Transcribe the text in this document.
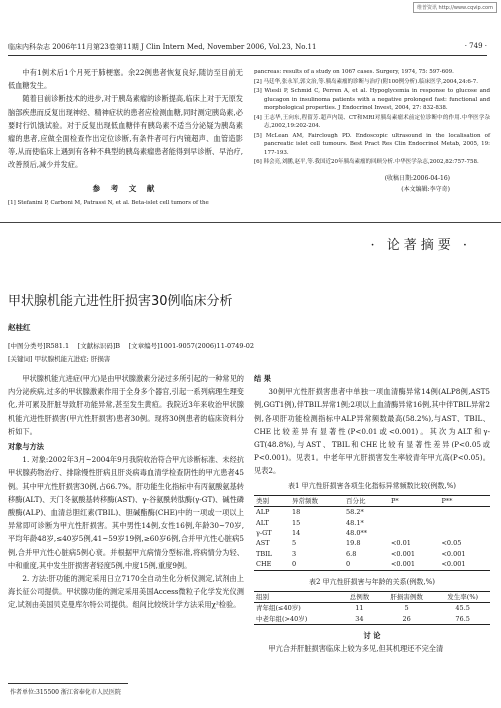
维普资讯 http://www.cqvip.com
临床内科杂志 2006年11月第23卷第11期 J Clin Intern Med, November 2006, Vol.23, No.11	· 749 ·

中有1例术后1个月死于肺梗塞。余22例患者恢复良好,随访至目前无低血糖发生。

随着目前诊断技术的进步,对于胰岛素瘤的诊断提高,临床上对于无原发脑部疾患而反复出现神经、精神症状的患者应检测血糖,同时测定胰岛素,必要时行饥饿试验。对于反复出现低血糖伴有胰岛素不适当分泌疑为胰岛素瘤的患者,应做全面检查作出定位诊断,有条件者可行内镜超声、血管造影等,从而使临床上遇到有各种不典型的胰岛素瘤患者能得到早诊断、早治疗,改善预后,减少并发症。

参 考 文 献
[1] Stefanini P, Carboni M, Patrassi N, et al. Beta-islet cell tumors of the
pancreas: results of a study on 1067 cases. Surgery, 1974, 75: 597-609.
[2] 马廷华,张永军,郭文治,等.胰岛素瘤的诊断与治疗(附100例分析).临床医学,2004,24:6-7.
[3] Wiesli P, Schmid C, Perren A, et al. Hypoglycemia in response to glucose and glucagon in insulinoma patients with a negative prolonged fast: functional and morphological properties. J Endocrinol Invest, 2004, 27: 832-838.
[4] 王志华,王向东,程留芳.超声内镜、CT和MRI对胰岛素瘤术前定位诊断中的作用.中华医学杂志,2002,19:202-204.
[5] McLean AM, Fairclough PD. Endoscopic ultrasound in the localisation of pancreatic islet cell tumours. Best Pract Res Clin Endocrinol Metab, 2005, 19: 177-193.
[6] 韩会亮,刘鹏,赵平,等.我国近20年胰岛素瘤的回顾分析.中华医学杂志,2002,82:757-758.
(收稿日期:2006-04-16)
(本文编辑:李守奇)
· 论著摘要 ·
甲状腺机能亢进性肝损害30例临床分析
赵桂红
[中图分类号]R581.1  [文献标识码]B  [文章编号]1001-9057(2006)11-0749-02
[关键词] 甲状腺机能亢进症; 肝损害

甲状腺机能亢进症(甲亢)是由甲状腺激素分泌过多所引起的一种常见的内分泌疾病,过多的甲状腺激素作用于全身多个器官,引起一系列病理生理变化,并可累及肝脏导致肝功能异常,甚至发生黄疸。我院近3年来收治甲状腺机能亢进性肝损害(甲亢性肝损害)患者30例。现将30例患者的临床资料分析如下。

对象与方法

1. 对象:2002年3月~2004年9月我院收治符合甲亢诊断标准、未经抗甲状腺药物治疗、排除慢性肝病且肝炎病毒血清学检查阴性的甲亢患者45例。其中甲亢性肝损害30例,占66.7%。肝功能生化指标中有丙氨酸氨基转移酶(ALT)、天门冬氨酸基转移酶(AST)、γ-谷氨酰转肽酶(γ-GT)、碱性磷酸酶(ALP)、血清总胆红素(TBIL)、胆碱酯酶(CHE)中的一项或一项以上异常即可诊断为甲亢性肝损害。其中男性14例,女性16例,年龄30~70岁,平均年龄48岁,≤40岁5例,41~59岁19例,≥60岁6例,合并甲亢性心脏病5例,合并甲亢性心脏病5例心衰。并根据甲亢病情分型标准,将病情分为轻、中和重度,其中发生肝损害者轻度5例,中度15例,重度9例。

2. 方法:肝功能的测定采用日立7170全自动生化分析仪测定,试剂由上海长征公司提供。甲状腺功能的测定采用美国Access微粒子化学发光仪测定,试剂由美国贝克曼库尔特公司提供。组间比较统计学方法采用χ²检验。

结 果

30例甲亢性肝损害患者中单独一项血清酶异常14例(ALP8例,AST5例,GGT1例),伴TBIL异常1例;2项以上血清酶异常16例,其中伴TBIL异常2例,各项肝功能检测指标中ALP异常频数最高(58.2%),与AST、TBIL、CHE比较差异有显著性(P<0.01或<0.001)。其次为ALT和γ-GT(48.8%),与AST、TBIL和CHE比较有显著性差异(P<0.05或P<0.001)。见表1。中老年甲亢肝损害发生率较青年甲亢高(P<0.05)。见表2。

表1 甲亢性肝损害各项生化指标异常频数比较(例数,%)
类别	异常频数	百分比	P*	P**
ALP	18	58.2*		
ALT	15	48.1*		
γ-GT	14	48.0**		
AST	5	19.8	<0.01	<0.05
TBIL	3	6.8	<0.001	<0.001
CHE	0	0	<0.001	<0.001
表2 甲亢性肝损害与年龄的关系(例数,%)
组别	总例数	肝损害例数	发生率(%)
青年组(≤40岁)	11	5	45.5
中老年组(>40岁)	34	26	76.5

讨 论

甲亢合并肝脏损害临床上较为多见,但其机理还不完全清

作者单位:315500 浙江省奉化市人民医院
